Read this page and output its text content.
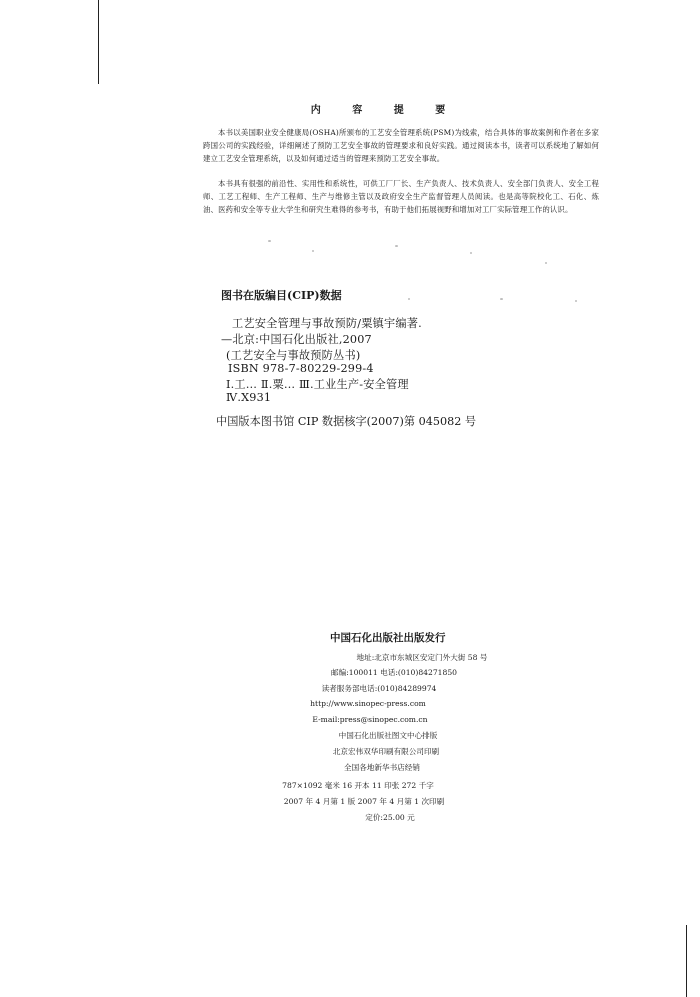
内 容 提 要
本书以美国职业安全健康局(OSHA)所颁布的工艺安全管理系统(PSM)为线索，结合具体的事故案例和作者在多家跨国公司的实践经验，详细阐述了预防工艺安全事故的管理要求和良好实践。通过阅读本书，读者可以系统地了解如何建立工艺安全管理系统，以及如何通过适当的管理来预防工艺安全事故。
本书具有很强的前沿性、实用性和系统性，可供工厂厂长、生产负责人、技术负责人、安全部门负责人、安全工程师、工艺工程师、生产工程师、生产与维修主管以及政府安全生产监督管理人员阅读。也是高等院校化工、石化、炼油、医药和安全等专业大学生和研究生难得的参考书，有助于他们拓展视野和增加对工厂实际管理工作的认识。
图书在版编目(CIP)数据
工艺安全管理与事故预防/粟镇宇编著.
—北京:中国石化出版社,2007
(工艺安全与事故预防丛书)
ISBN 978-7-80229-299-4
Ⅰ.工… Ⅱ.粟… Ⅲ.工业生产-安全管理
Ⅳ.X931
中国版本图书馆 CIP 数据核字(2007)第 045082 号
中国石化出版社出版发行
地址:北京市东城区安定门外大街 58 号
邮编:100011 电话:(010)84271850
读者服务部电话:(010)84289974
http://www.sinopec-press.com
E-mail:press@sinopec.com.cn
中国石化出版社图文中心排版
北京宏伟双华印刷有限公司印刷
全国各地新华书店经销
787×1092 毫米 16 开本 11 印张 272 千字
2007 年 4 月第 1 版 2007 年 4 月第 1 次印刷
定价:25.00 元
